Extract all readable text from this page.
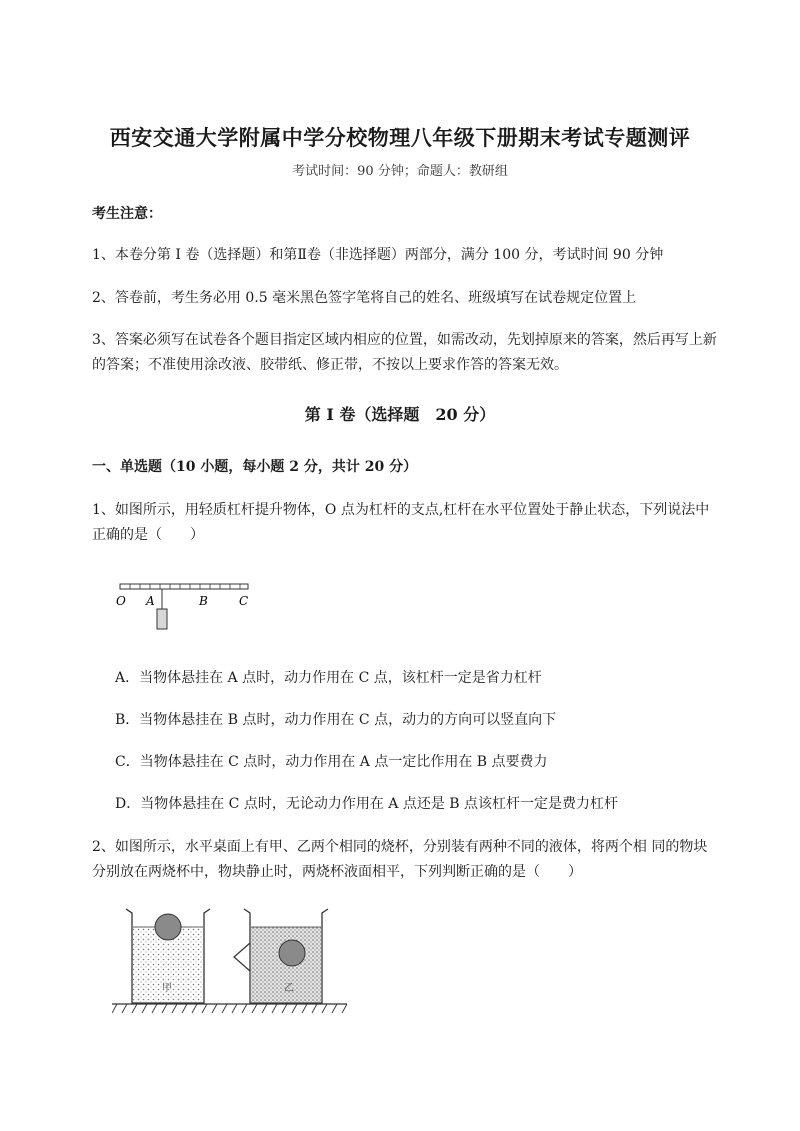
西安交通大学附属中学分校物理八年级下册期末考试专题测评
考试时间：90 分钟；命题人：教研组
考生注意：
1、本卷分第 I 卷（选择题）和第Ⅱ卷（非选择题）两部分，满分 100 分，考试时间 90 分钟
2、答卷前，考生务必用 0.5 毫米黑色签字笔将自己的姓名、班级填写在试卷规定位置上
3、答案必须写在试卷各个题目指定区域内相应的位置，如需改动，先划掉原来的答案，然后再写上新
的答案；不准使用涂改液、胶带纸、修正带，不按以上要求作答的答案无效。
第 I 卷（选择题　20 分）
一、单选题（10 小题，每小题 2 分，共计 20 分）
1、如图所示，用轻质杠杆提升物体，O 点为杠杆的支点,杠杆在水平位置处于静止状态，下列说法中
正确的是（　　）
O A	B	C
A．当物体悬挂在 A 点时，动力作用在 C 点，该杠杆一定是省力杠杆
B．当物体悬挂在 B 点时，动力作用在 C 点，动力的方向可以竖直向下
C．当物体悬挂在 C 点时，动力作用在 A 点一定比作用在 B 点要费力
D．当物体悬挂在 C 点时，无论动力作用在 A 点还是 B 点该杠杆一定是费力杠杆
2、如图所示，水平桌面上有甲、乙两个相同的烧杯，分别装有两种不同的液体，将两个相 同的物块
分别放在两烧杯中，物块静止时，两烧杯液面相平，下列判断正确的是（　　）
甲	乙
